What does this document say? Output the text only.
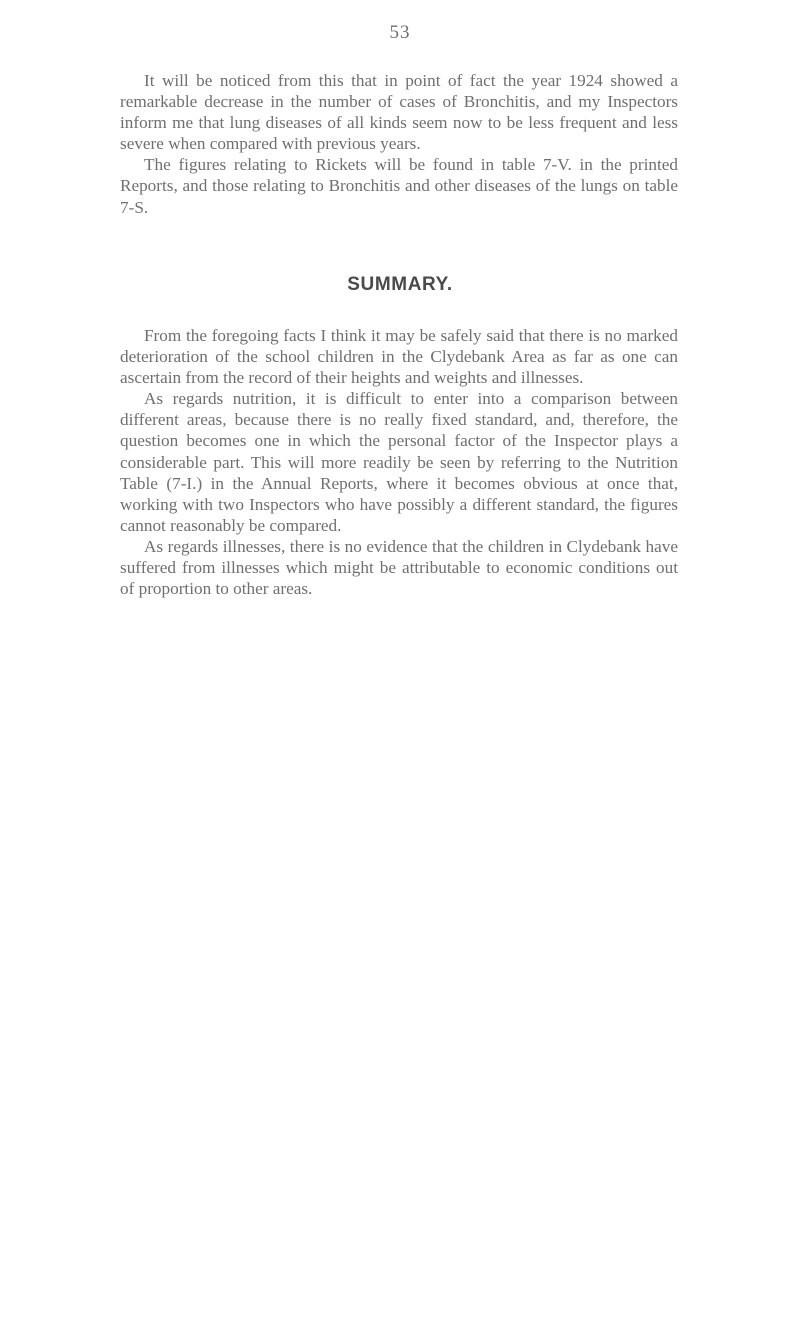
53

It will be noticed from this that in point of fact the year 1924 showed a remarkable decrease in the number of cases of Bronchitis, and my Inspectors inform me that lung diseases of all kinds seem now to be less frequent and less severe when compared with previous years.

The figures relating to Rickets will be found in table 7-V. in the printed Reports, and those relating to Bronchitis and other diseases of the lungs on table 7-S.

SUMMARY.

From the foregoing facts I think it may be safely said that there is no marked deterioration of the school children in the Clydebank Area as far as one can ascertain from the record of their heights and weights and illnesses.

As regards nutrition, it is difficult to enter into a comparison between different areas, because there is no really fixed standard, and, therefore, the question becomes one in which the personal factor of the Inspector plays a considerable part. This will more readily be seen by referring to the Nutrition Table (7-I.) in the Annual Reports, where it becomes obvious at once that, working with two Inspectors who have possibly a different standard, the figures cannot reasonably be compared.

As regards illnesses, there is no evidence that the children in Clydebank have suffered from illnesses which might be attributable to economic conditions out of proportion to other areas.
